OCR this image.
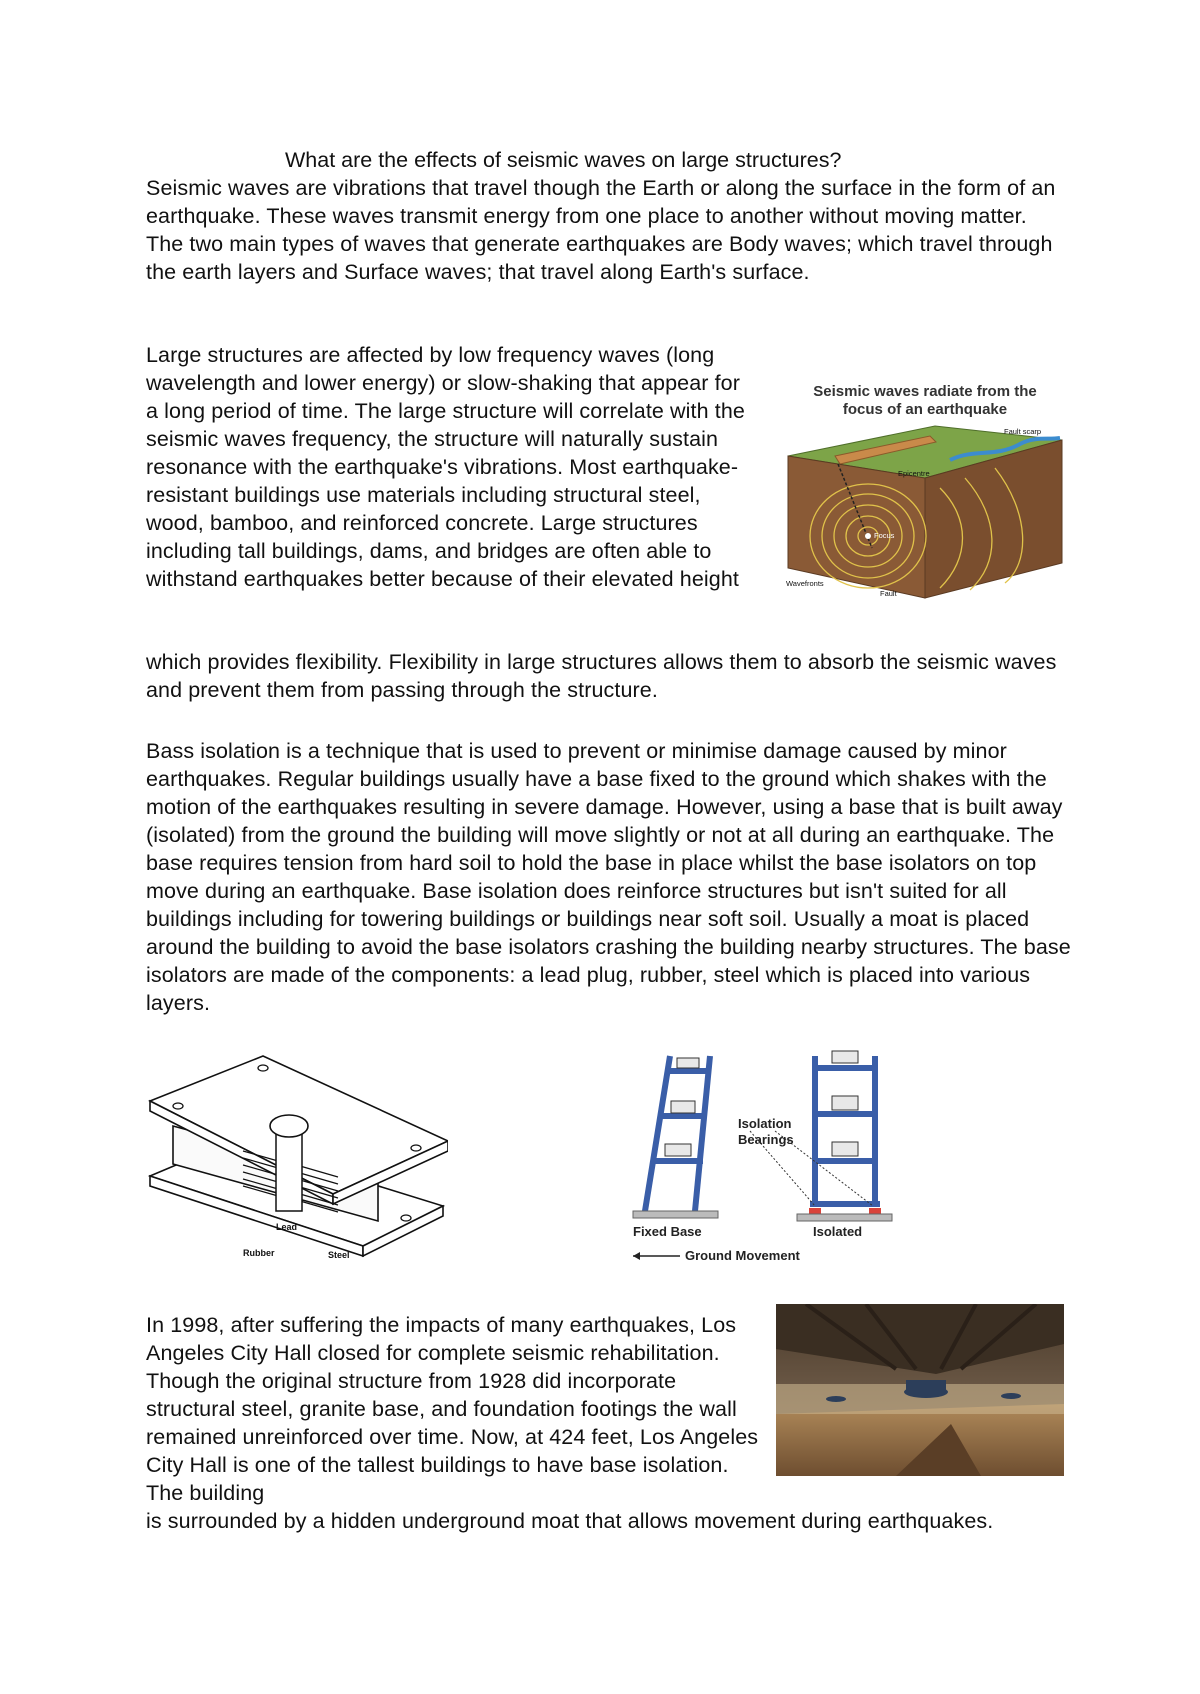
What are the effects of seismic waves on large structures?
Seismic waves are vibrations that travel though the Earth or along the surface in the form of an earthquake. These waves transmit energy from one place to another without moving matter. The two main types of waves that generate earthquakes are Body waves; which travel through the earth layers and Surface waves; that travel along Earth's surface.
Large structures are affected by low frequency waves (long wavelength and lower energy) or slow-shaking that appear for a long period of time. The large structure will correlate with the seismic waves frequency, the structure will naturally sustain resonance with the earthquake's vibrations. Most earthquake-resistant buildings use materials including structural steel, wood, bamboo, and reinforced concrete. Large structures including tall buildings, dams, and bridges are often able to withstand earthquakes better because of their elevated height
which provides flexibility. Flexibility in large structures allows them to absorb the seismic waves and prevent them from passing through the structure.
Bass isolation is a technique that is used to prevent or minimise damage caused by minor earthquakes. Regular buildings usually have a base fixed to the ground which shakes with the motion of the earthquakes resulting in severe damage. However, using a base that is built away (isolated) from the ground the building will move slightly or not at all during an earthquake. The base requires tension from hard soil to hold the base in place whilst the base isolators on top move during an earthquake. Base isolation does reinforce structures but isn't suited for all buildings including for towering buildings or buildings near soft soil. Usually a moat is placed around the building to avoid the base isolators crashing the building nearby structures. The base isolators are made of the components: a lead plug, rubber, steel which is placed into various layers.
In 1998, after suffering the impacts of many earthquakes, Los Angeles City Hall closed for complete seismic rehabilitation. Though the original structure from 1928 did incorporate structural steel, granite base, and foundation footings the wall remained unreinforced over time. Now, at 424 feet, Los Angeles City Hall is one of the tallest buildings to have base isolation. The building
is surrounded by a hidden underground moat that allows movement during earthquakes.
Seismic waves radiate from the
focus of an earthquake
Epicentre
Focus
Wavefronts
Fault
Fault scarp
Lead
Rubber	Steel
Isolation
Bearings
Fixed Base	Isolated
Ground Movement
